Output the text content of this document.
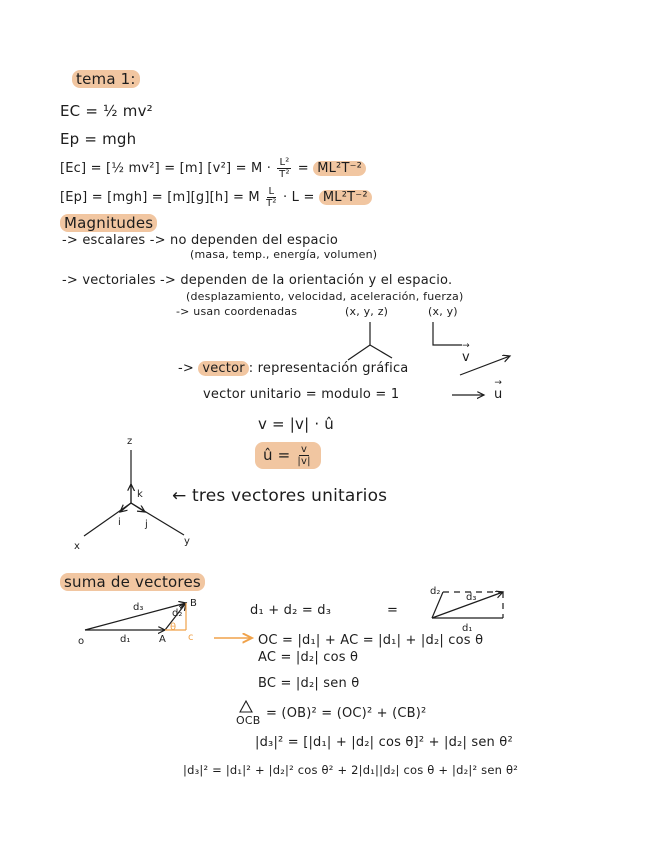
tema 1:
EC = ½ mv²
Ep = mgh
[Ec] = [½ mv²] = [m] $[v^2] = M \cdot \frac{\text{L²}}{\text{T²}} = ML^2T^{-2}$
[Ep] = [mgh] = [m][g][h] = M $\frac{L}{\text{T²}} \cdot L = ML^2T^{-2}$
Magnitudes
-> escalares -> no dependen del espacio
(masa, temp., energía, volumen)
-> vectoriales -> dependen de la orientación y el espacio.
(desplazamiento, velocidad, aceleración, fuerza)
-> usan coordenadas	(x, y, z)	(x, y)
-> vector : representación gráfica
→ v
vector unitario = modulo = 1
→	u
v = |v| · û
û = $\frac{v}{|v|}$
← tres vectores unitarios
suma de vectores
d₁ + d₂ = d₃	=
OC = |d₁| + AC = |d₁| + |d₂| cos θ
AC = |d₂| cos θ
BC = |d₂| sen θ
OCB = (OB)² = (OC)² + (CB)²
|d₃|² = [|d₁| + |d₂| cos θ]² + |d₂| sen θ²
|d₃|² = |d₁|² + |d₂|² cos θ² + 2|d₁||d₂| cos θ + |d₂|² sen θ²
z
x	y
k
i j
o	A
B
c
d₁
d₃
d₂
θ
d₂
d₃
d₁
